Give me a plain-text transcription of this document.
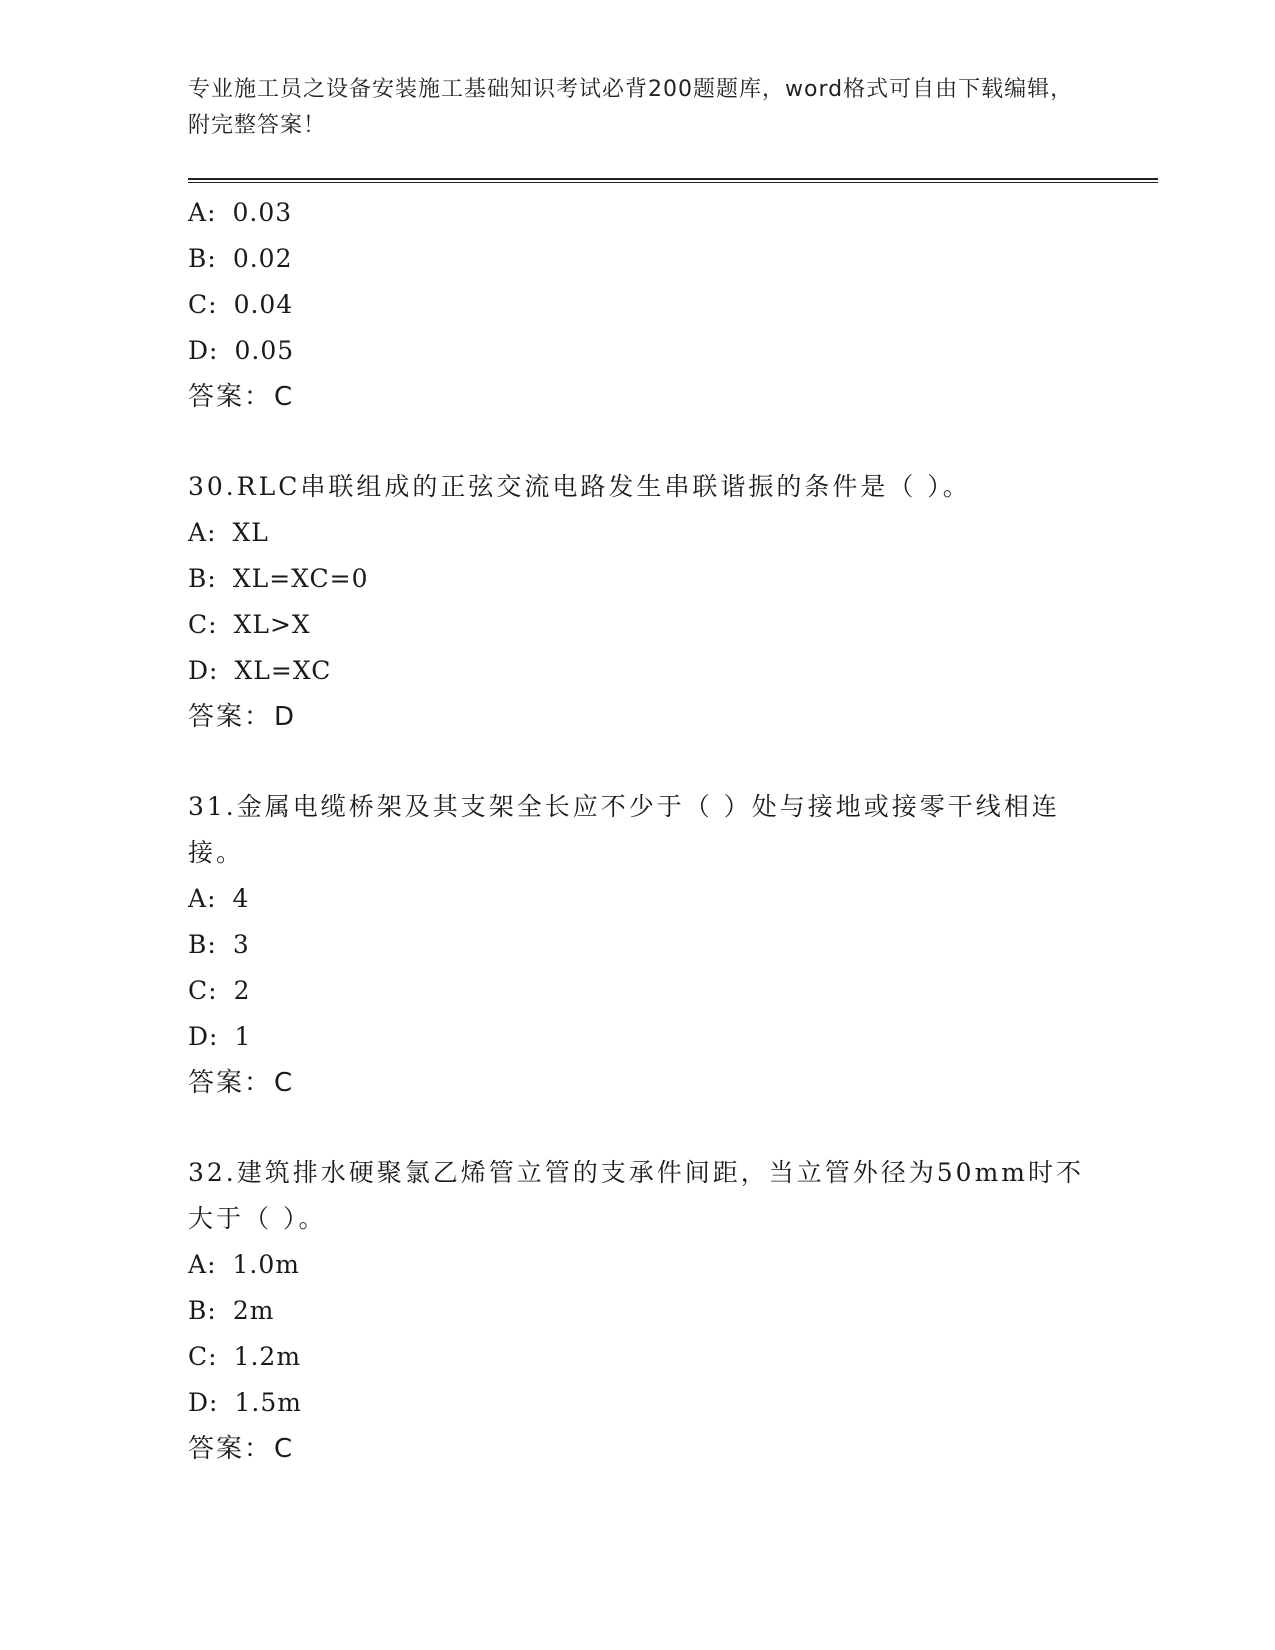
专业施工员之设备安装施工基础知识考试必背200题题库，word格式可自由下载编辑，附完整答案！
A : 0.03
B : 0.02
C : 0.04
D : 0.05
答案： C
30.RLC串联组成的正弦交流电路发生串联谐振的条件是（ ）。
A : XL
B : XL=XC=0
C : XL>X
D : XL=XC
答案： D
31.金属电缆桥架及其支架全长应不少于（ ）处与接地或接零干线相连接。
A : 4
B : 3
C : 2
D : 1
答案： C
32.建筑排水硬聚氯乙烯管立管的支承件间距，当立管外径为50mm时不大于（ ）。
A : 1.0m
B : 2m
C : 1.2m
D : 1.5m
答案： C
